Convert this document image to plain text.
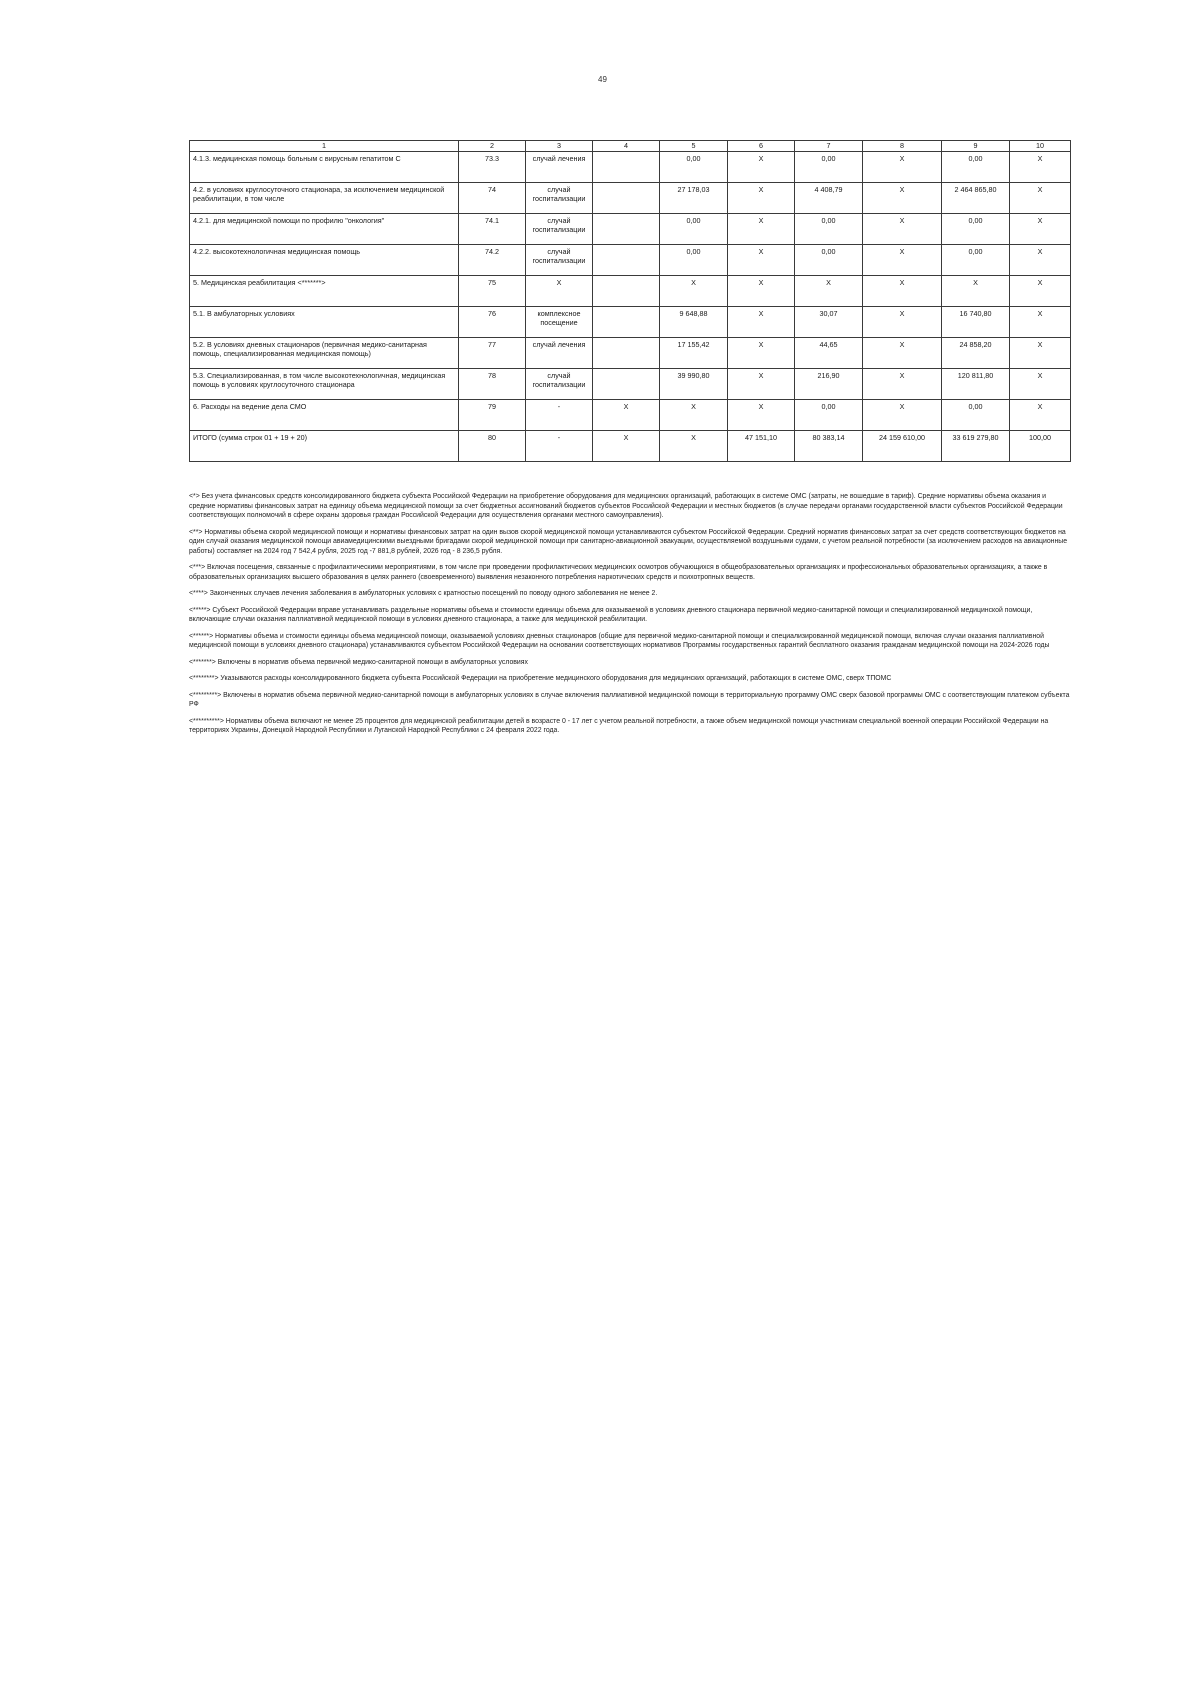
49
1	2	3	4	5	6	7	8	9	10
4.1.3. медицинская помощь больным с вирусным гепатитом С	73.3	случай лечения		0,00	X	0,00	X	0,00	X
4.2. в условиях круглосуточного стационара, за исключением медицинской реабилитации, в том числе	74	случай госпитализации		27 178,03	X	4 408,79	X	2 464 865,80	X
4.2.1. для медицинской помощи по профилю "онкология"	74.1	случай госпитализации		0,00	X	0,00	X	0,00	X
4.2.2. высокотехнологичная медицинская помощь	74.2	случай госпитализации		0,00	X	0,00	X	0,00	X
5. Медицинская реабилитация <*******>	75	X		X	X	X	X	X	X
5.1. В амбулаторных условиях	76	комплексное посещение		9 648,88	X	30,07	X	16 740,80	X
5.2. В условиях дневных стационаров (первичная медико-санитарная помощь, специализированная медицинская помощь)	77	случай лечения		17 155,42	X	44,65	X	24 858,20	X
5.3. Специализированная, в том числе высокотехнологичная, медицинская помощь в условиях круглосуточного стационара	78	случай госпитализации		39 990,80	X	216,90	X	120 811,80	X
6. Расходы на ведение дела СМО	79	-	X	X	X	0,00	X	0,00	X
ИТОГО (сумма строк 01 + 19 + 20)	80	-	X	X	47 151,10	80 383,14	24 159 610,00	33 619 279,80	100,00

<*> Без учета финансовых средств консолидированного бюджета субъекта Российской Федерации на приобретение оборудования для медицинских организаций, работающих в системе ОМС (затраты, не вошедшие в тариф). Средние нормативы объема оказания и средние нормативы финансовых затрат на единицу объема медицинской помощи за счет бюджетных ассигнований бюджетов субъектов Российской Федерации и местных бюджетов (в случае передачи органами государственной власти субъектов Российской Федерации соответствующих полномочий в сфере охраны здоровья граждан Российской Федерации для осуществления органами местного самоуправления).

<**> Нормативы объема скорой медицинской помощи и нормативы финансовых затрат на один вызов скорой медицинской помощи устанавливаются субъектом Российской Федерации. Средний норматив финансовых затрат за счет средств соответствующих бюджетов на один случай оказания медицинской помощи авиамедицинскими выездными бригадами скорой медицинской помощи при санитарно-авиационной эвакуации, осуществляемой воздушными судами, с учетом реальной потребности (за исключением расходов на авиационные работы) составляет на 2024 год 7 542,4 рубля, 2025 год -7 881,8 рублей, 2026 год - 8 236,5 рубля.

<***> Включая посещения, связанные с профилактическими мероприятиями, в том числе при проведении профилактических медицинских осмотров обучающихся в общеобразовательных организациях и профессиональных образовательных организациях, а также в образовательных организациях высшего образования в целях раннего (своевременного) выявления незаконного потребления наркотических средств и психотропных веществ.

<****> Законченных случаев лечения заболевания в амбулаторных условиях с кратностью посещений по поводу одного заболевания не менее 2.

<*****> Субъект Российской Федерации вправе устанавливать раздельные нормативы объема и стоимости единицы объема для оказываемой в условиях дневного стационара первичной медико-санитарной помощи и специализированной медицинской помощи, включающие случаи оказания паллиативной медицинской помощи в условиях дневного стационара, а также для медицинской реабилитации.

<******> Нормативы объема и стоимости единицы объема медицинской помощи, оказываемой условиях дневных стационаров (общие для первичной медико-санитарной помощи и специализированной медицинской помощи, включая случаи оказания паллиативной медицинской помощи в условиях дневного стационара) устанавливаются субъектом Российской Федерации на основании соответствующих нормативов Программы государственных гарантий бесплатного оказания гражданам медицинской помощи на 2024-2026 годы

<*******> Включены в норматив объема первичной медико-санитарной помощи в амбулаторных условиях

<********> Указываются расходы консолидированного бюджета субъекта Российской Федерации на приобретение медицинского оборудования для медицинских организаций, работающих в системе ОМС, сверх ТПОМС

<*********> Включены в норматив объема первичной медико-санитарной помощи в амбулаторных условиях в случае включения паллиативной медицинской помощи в территориальную программу ОМС сверх базовой программы ОМС с соответствующим платежом субъекта РФ

<**********> Нормативы объема включают не менее 25 процентов для медицинской реабилитации детей в возрасте 0 - 17 лет с учетом реальной потребности, а также объем медицинской помощи участникам специальной военной операции Российской Федерации на территориях Украины, Донецкой Народной Республики и Луганской Народной Республики с 24 февраля 2022 года.
